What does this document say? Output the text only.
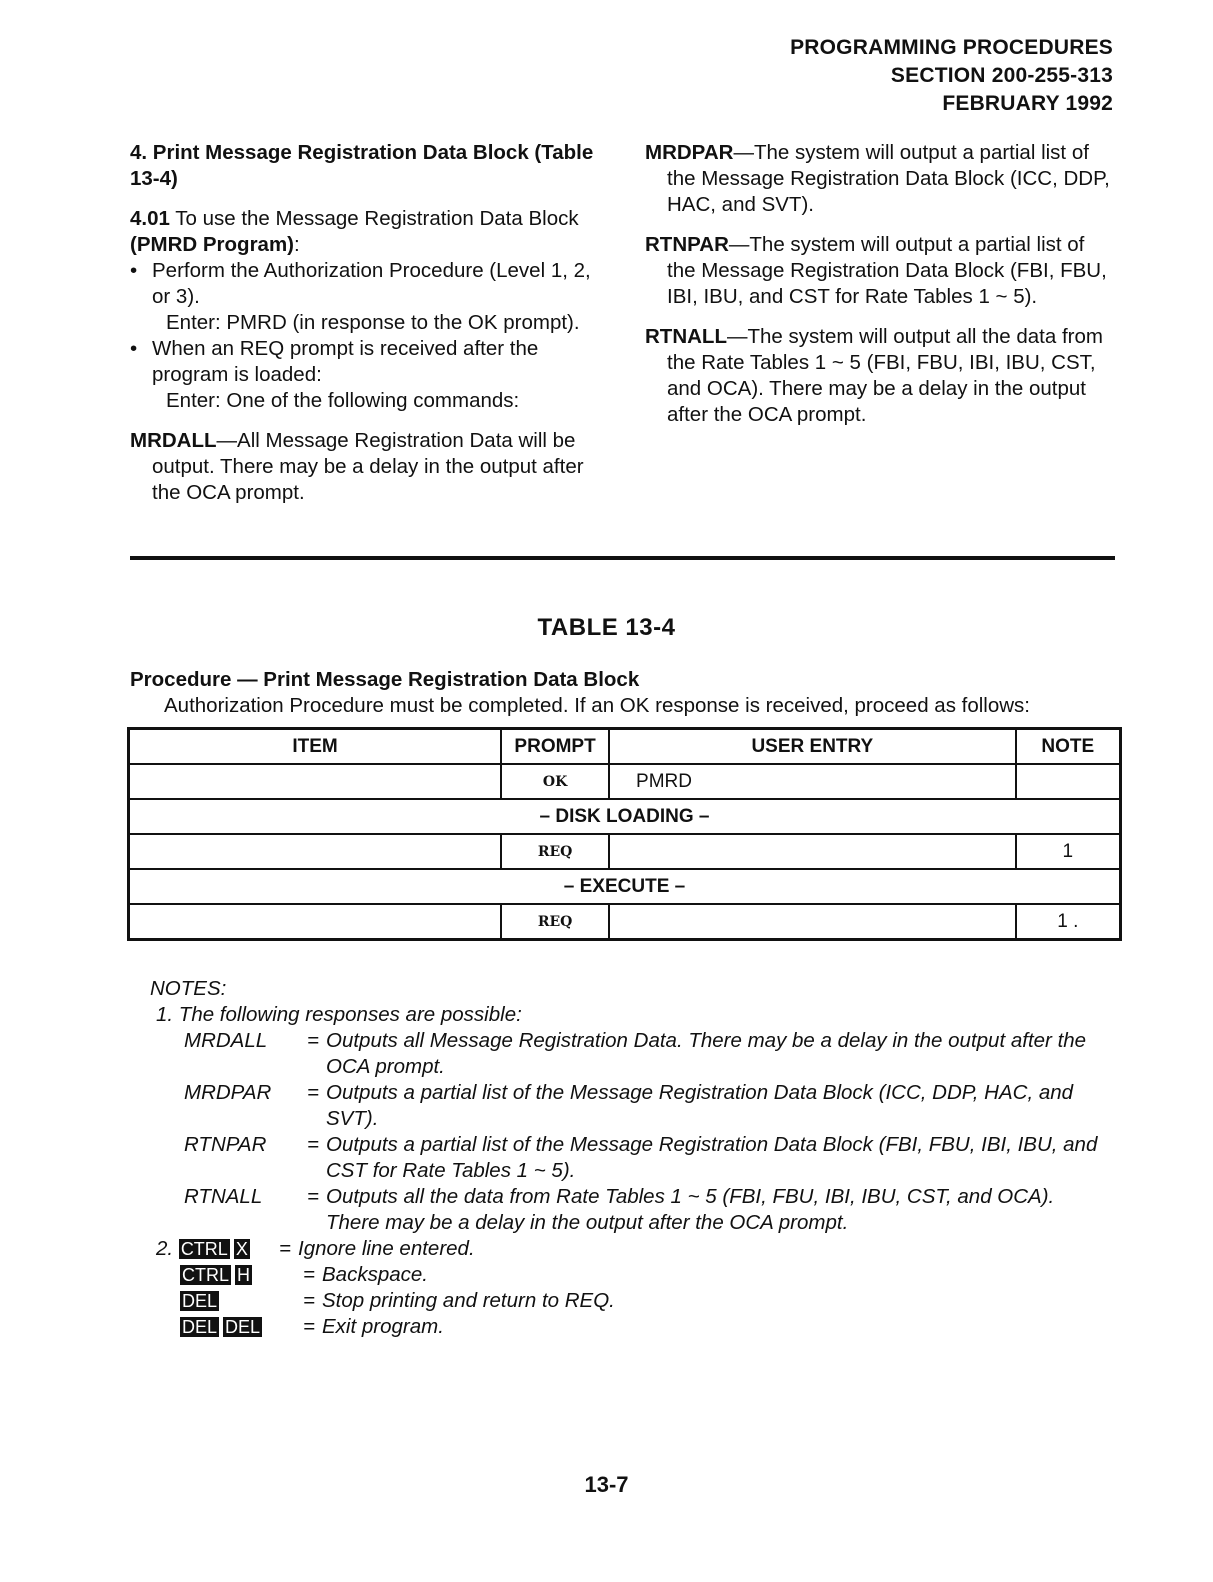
PROGRAMMING PROCEDURES
SECTION 200-255-313
FEBRUARY 1992
4. Print Message Registration Data Block (Table 13-4)
4.01 To use the Message Registration Data Block
(PMRD Program):
• Perform the Authorization Procedure (Level 1, 2, or 3).
Enter: PMRD (in response to the OK prompt).
• When an REQ prompt is received after the program is loaded:
Enter: One of the following commands:
MRDALL—All Message Registration Data will be output. There may be a delay in the output after the OCA prompt.
MRDPAR—The system will output a partial list of the Message Registration Data Block (ICC, DDP, HAC, and SVT).
RTNPAR—The system will output a partial list of the Message Registration Data Block (FBI, FBU, IBI, IBU, and CST for Rate Tables 1 ~ 5).
RTNALL—The system will output all the data from the Rate Tables 1 ~ 5 (FBI, FBU, IBI, IBU, CST, and OCA). There may be a delay in the output after the OCA prompt.
TABLE 13-4
Procedure — Print Message Registration Data Block
Authorization Procedure must be completed. If an OK response is received, proceed as follows:
ITEM	PROMPT	USER ENTRY	NOTE
	OK	PMRD	
– DISK LOADING –			
	REQ		1
– EXECUTE –			
	REQ		1 .
NOTES:
1. The following responses are possible:
MRDALL	= Outputs all Message Registration Data. There may be a delay in the output after the OCA prompt.
MRDPAR	= Outputs a partial list of the Message Registration Data Block (ICC, DDP, HAC, and SVT).
RTNPAR	= Outputs a partial list of the Message Registration Data Block (FBI, FBU, IBI, IBU, and CST for Rate Tables 1 ~ 5).
RTNALL	= Outputs all the data from Rate Tables 1 ~ 5 (FBI, FBU, IBI, IBU, CST, and OCA). There may be a delay in the output after the OCA prompt.
2. CTRL X	= Ignore line entered.
CTRL H	= Backspace.
DEL	= Stop printing and return to REQ.
DEL DEL	= Exit program.
13-7
